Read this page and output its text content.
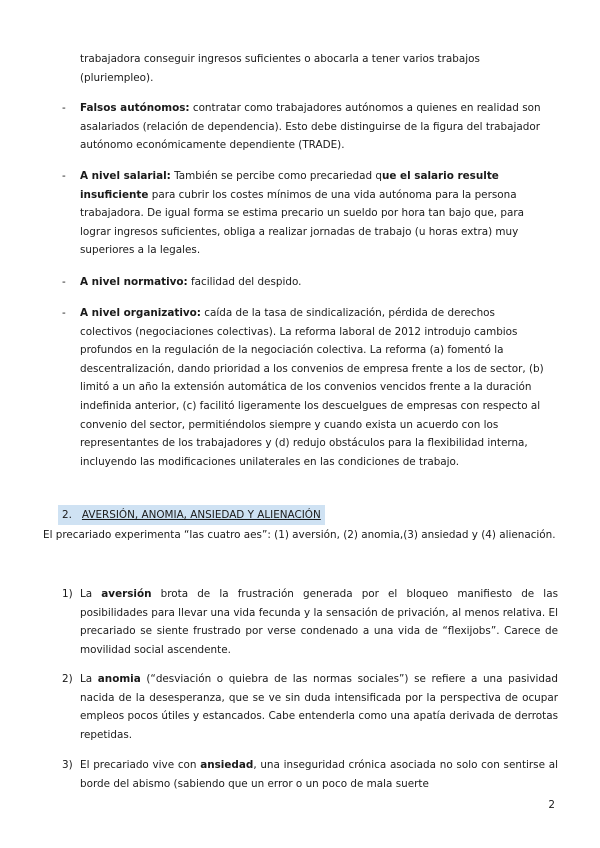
trabajadora conseguir ingresos suficientes o abocarla a tener varios trabajos (pluriempleo).

- Falsos autónomos: contratar como trabajadores autónomos a quienes en realidad son asalariados (relación de dependencia). Esto debe distinguirse de la figura del trabajador autónomo económicamente dependiente (TRADE).

- A nivel salarial: También se percibe como precariedad que el salario resulte insuficiente para cubrir los costes mínimos de una vida autónoma para la persona trabajadora. De igual forma se estima precario un sueldo por hora tan bajo que, para lograr ingresos suficientes, obliga a realizar jornadas de trabajo (u horas extra) muy superiores a la legales.

- A nivel normativo: facilidad del despido.

- A nivel organizativo: caída de la tasa de sindicalización, pérdida de derechos colectivos (negociaciones colectivas). La reforma laboral de 2012 introdujo cambios profundos en la regulación de la negociación colectiva. La reforma (a) fomentó la descentralización, dando prioridad a los convenios de empresa frente a los de sector, (b) limitó a un año la extensión automática de los convenios vencidos frente a la duración indefinida anterior, (c) facilitó ligeramente los descuelgues de empresas con respecto al convenio del sector, permitiéndolos siempre y cuando exista un acuerdo con los representantes de los trabajadores y (d) redujo obstáculos para la flexibilidad interna, incluyendo las modificaciones unilaterales en las condiciones de trabajo.

2. AVERSIÓN, ANOMIA, ANSIEDAD Y ALIENACIÓN

El precariado experimenta “las cuatro aes”: (1) aversión, (2) anomia,(3) ansiedad y (4) alienación.

1) La aversión brota de la frustración generada por el bloqueo manifiesto de las posibilidades para llevar una vida fecunda y la sensación de privación, al menos relativa. El precariado se siente frustrado por verse condenado a una vida de “flexijobs”. Carece de movilidad social ascendente.

2) La anomia (“desviación o quiebra de las normas sociales”) se refiere a una pasividad nacida de la desesperanza, que se ve sin duda intensificada por la perspectiva de ocupar empleos pocos útiles y estancados. Cabe entenderla como una apatía derivada de derrotas repetidas.

3) El precariado vive con ansiedad, una inseguridad crónica asociada no solo con sentirse al borde del abismo (sabiendo que un error o un poco de mala suerte

2
